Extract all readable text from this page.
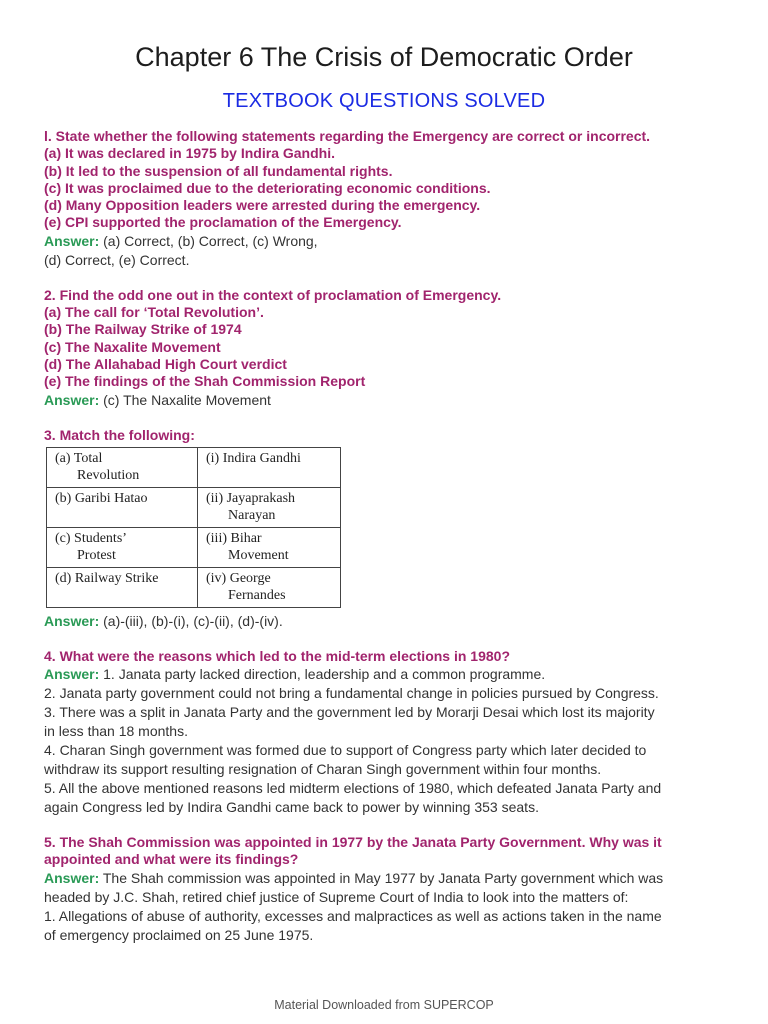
Chapter 6 The Crisis of Democratic Order
TEXTBOOK QUESTIONS SOLVED
l. State whether the following statements regarding the Emergency are correct or incorrect.
(a) It was declared in 1975 by Indira Gandhi.
(b) It led to the suspension of all fundamental rights.
(c) It was proclaimed due to the deteriorating economic conditions.
(d) Many Opposition leaders were arrested during the emergency.
(e) CPI supported the proclamation of the Emergency.
Answer: (a) Correct, (b) Correct, (c) Wrong,
(d) Correct, (e) Correct.
2. Find the odd one out in the context of proclamation of Emergency.
(a) The call for ‘Total Revolution’.
(b) The Railway Strike of 1974
(c) The Naxalite Movement
(d) The Allahabad High Court verdict
(e) The findings of the Shah Commission Report
Answer: (c) The Naxalite Movement
3. Match the following:
(a) Total
Revolution	(i) Indira Gandhi

(b) Garibi Hatao	(ii) Jayaprakash
Narayan

(c) Students’
Protest	(iii) Bihar
Movement

(d) Railway Strike	(iv) George
Fernandes
Answer: (a)-(iii), (b)-(i), (c)-(ii), (d)-(iv).
4. What were the reasons which led to the mid-term elections in 1980?
Answer: 1. Janata party lacked direction, leadership and a common programme.
2. Janata party government could not bring a fundamental change in policies pursued by Congress.
3. There was a split in Janata Party and the government led by Morarji Desai which lost its majority
in less than 18 months.
4. Charan Singh government was formed due to support of Congress party which later decided to
withdraw its support resulting resignation of Charan Singh government within four months.
5. All the above mentioned reasons led midterm elections of 1980, which defeated Janata Party and
again Congress led by Indira Gandhi came back to power by winning 353 seats.
5. The Shah Commission was appointed in 1977 by the Janata Party Government. Why was it
appointed and what were its findings?
Answer: The Shah commission was appointed in May 1977 by Janata Party government which was
headed by J.C. Shah, retired chief justice of Supreme Court of India to look into the matters of:
1. Allegations of abuse of authority, excesses and malpractices as well as actions taken in the name
of emergency proclaimed on 25 June 1975.
Material Downloaded from SUPERCOP
